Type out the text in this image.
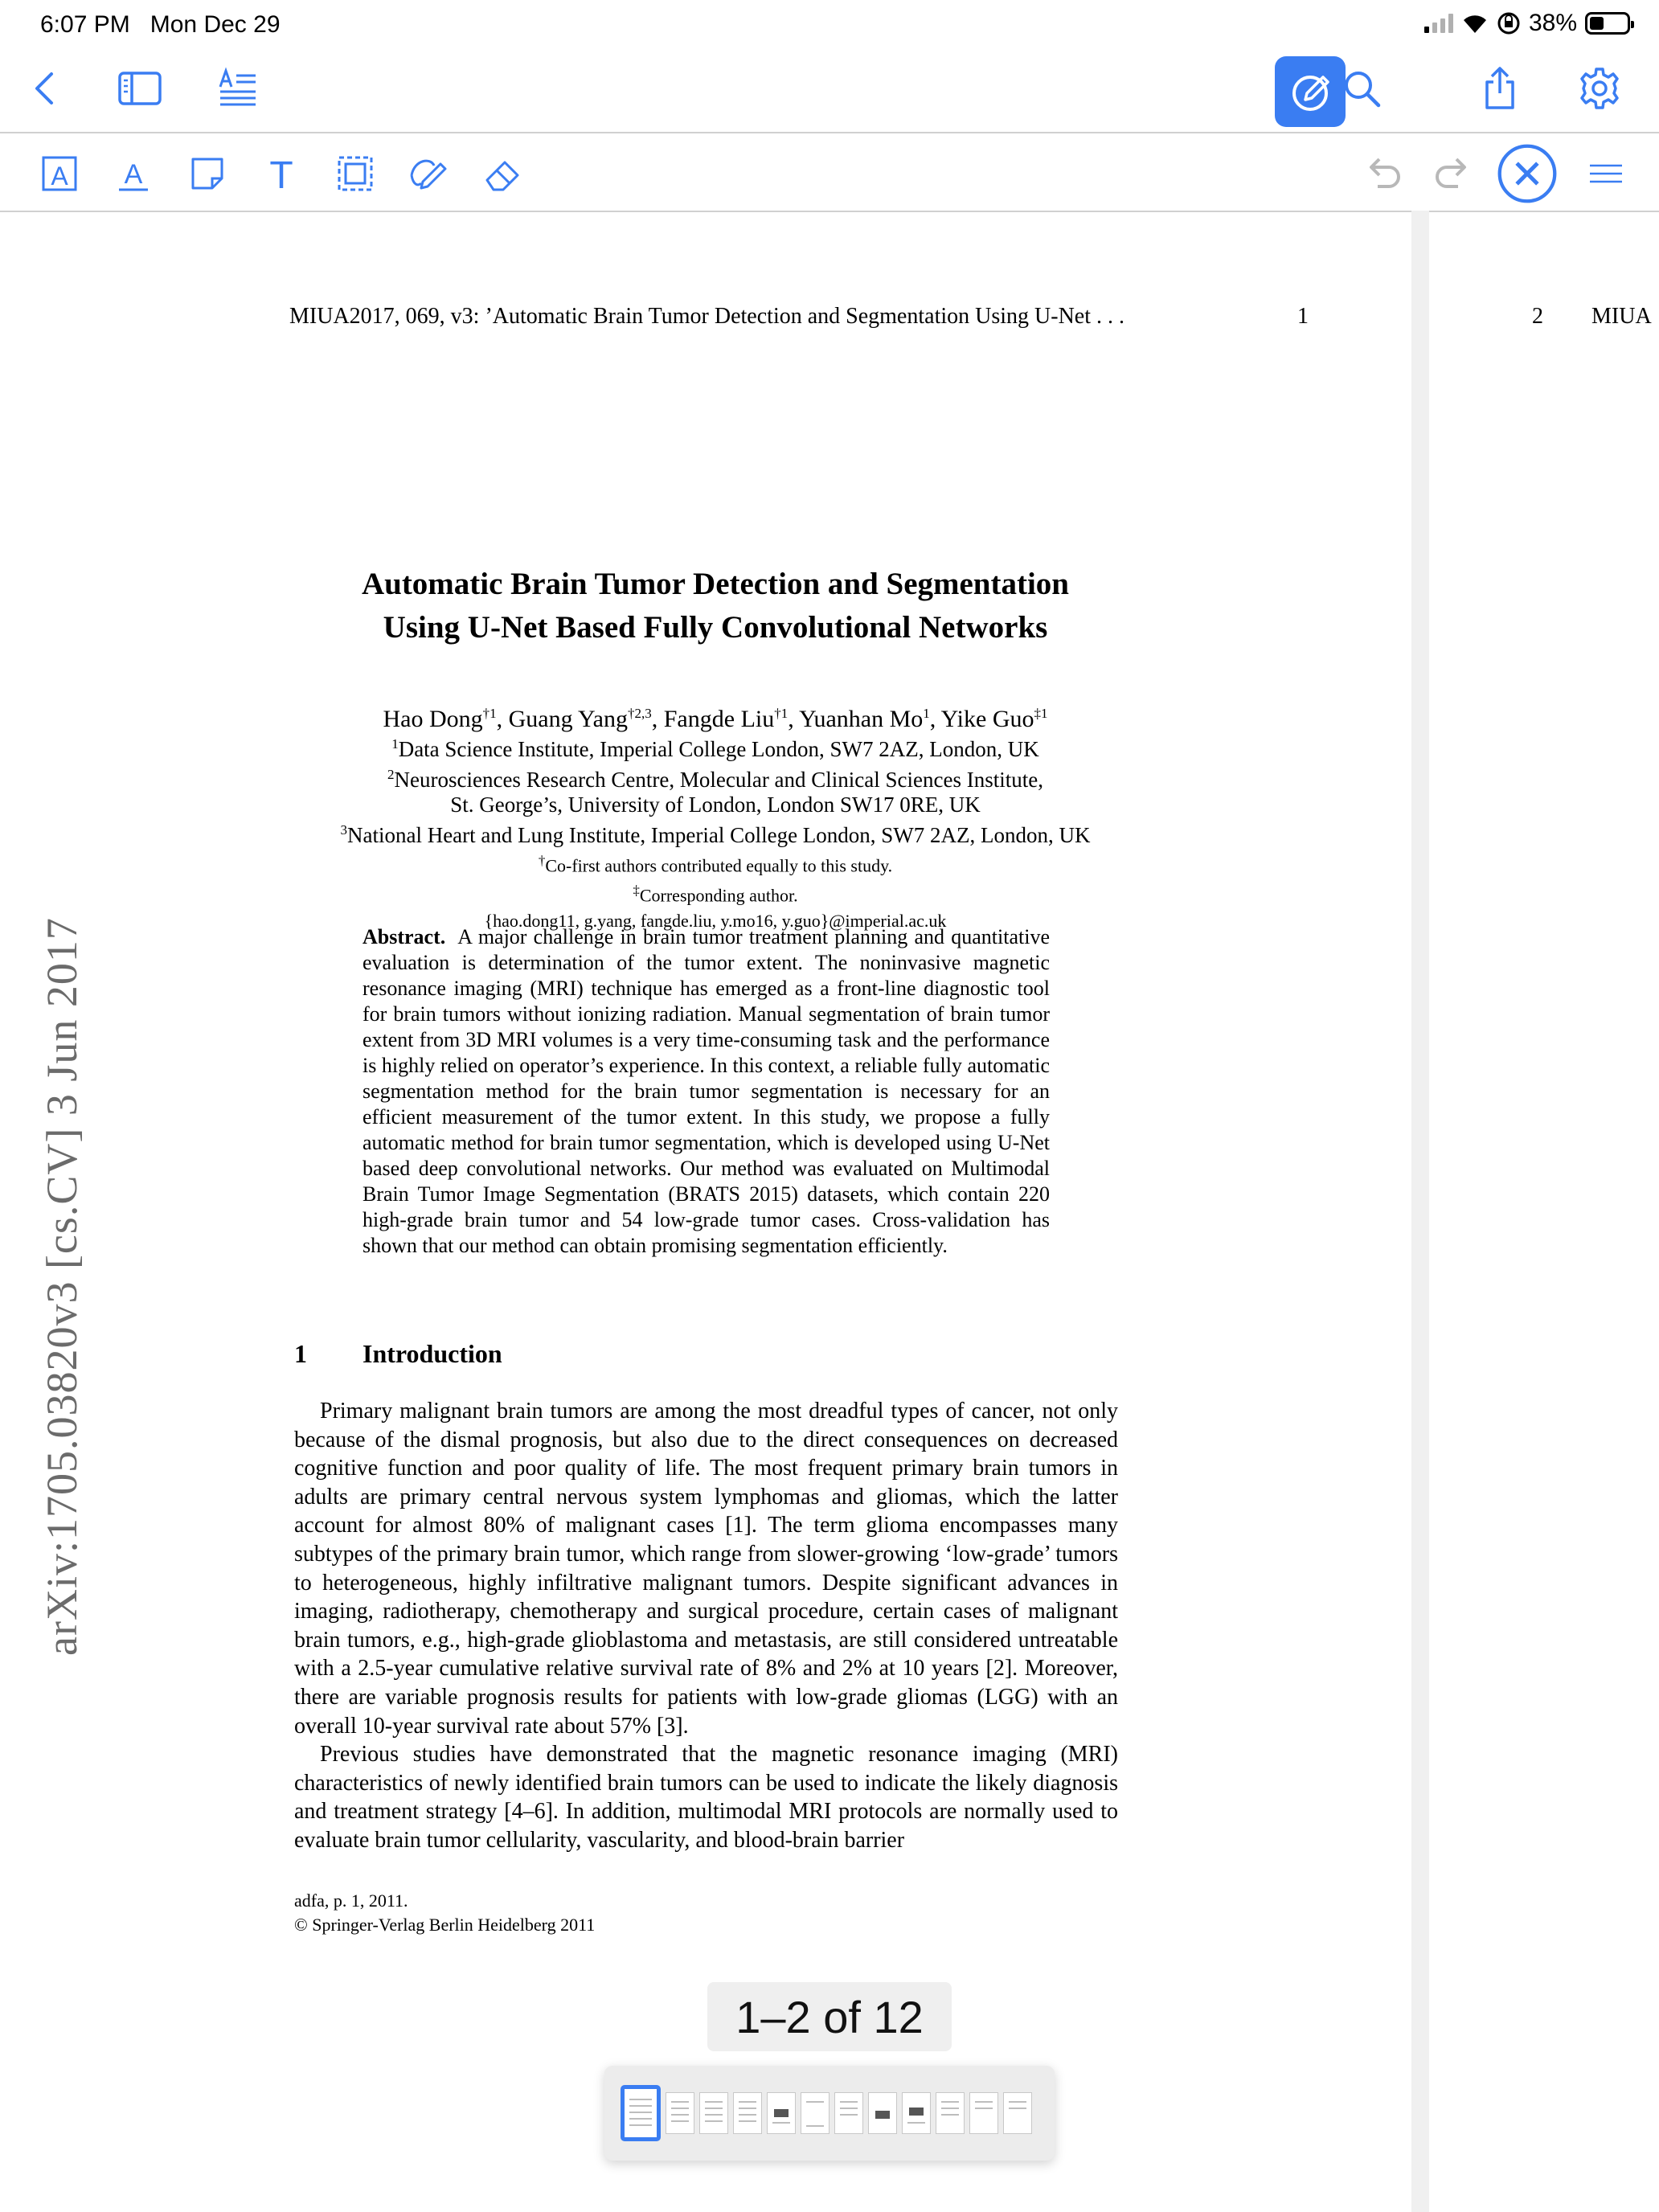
6:07 PM Mon Dec 29	38%
A A	T
MIUA2017, 069, v3: ’Automatic Brain Tumor Detection and Segmentation Using U-Net . . .	1	2 MIUA
Automatic Brain Tumor Detection and Segmentation
Using U-Net Based Fully Convolutional Networks
Hao Dong$^{\dagger 1}$, Guang Yang$^{\dagger 2,3}$, Fangde Liu$^{\dagger 1}$, Yuanhan Mo$^1$, Yike Guo$^{\ddagger 1}$
$^1$Data Science Institute, Imperial College London, SW7 2AZ, London, UK
$^2$Neurosciences Research Centre, Molecular and Clinical Sciences Institute,
St. George’s, University of London, London SW17 0RE, UK
$^3$National Heart and Lung Institute, Imperial College London, SW7 2AZ, London, UK
†Co-first authors contributed equally to this study.
‡Corresponding author.
{hao.dong11, g.yang, fangde.liu, y.mo16, y.guo}@imperial.ac.uk
Abstract. A major challenge in brain tumor treatment planning and quantitative evaluation is determination of the tumor extent. The noninvasive magnetic resonance imaging (MRI) technique has emerged as a front-line diagnostic tool for brain tumors without ionizing radiation. Manual segmentation of brain tumor extent from 3D MRI volumes is a very time-consuming task and the performance is highly relied on operator’s experience. In this context, a reliable fully automatic segmentation method for the brain tumor segmentation is necessary for an efficient measurement of the tumor extent. In this study, we propose a fully automatic method for brain tumor segmentation, which is developed using U-Net based deep convolutional networks. Our method was evaluated on Multimodal Brain Tumor Image Segmentation (BRATS 2015) datasets, which contain 220 high-grade brain tumor and 54 low-grade tumor cases. Cross-validation has shown that our method can obtain promising segmentation efficiently.
1 Introduction

Primary malignant brain tumors are among the most dreadful types of cancer, not only because of the dismal prognosis, but also due to the direct consequences on decreased cognitive function and poor quality of life. The most frequent primary brain tumors in adults are primary central nervous system lymphomas and gliomas, which the latter account for almost 80% of malignant cases [1]. The term glioma encompasses many subtypes of the primary brain tumor, which range from slower-growing ‘low-grade’ tumors to heterogeneous, highly infiltrative malignant tumors. Despite significant advances in imaging, radiotherapy, chemotherapy and surgical procedure, certain cases of malignant brain tumors, e.g., high-grade glioblastoma and metastasis, are still considered untreatable with a 2.5-year cumulative relative survival rate of 8% and 2% at 10 years [2]. Moreover, there are variable prognosis results for patients with low-grade gliomas (LGG) with an overall 10-year survival rate about 57% [3].

Previous studies have demonstrated that the magnetic resonance imaging (MRI) characteristics of newly identified brain tumors can be used to indicate the likely diagnosis and treatment strategy [4–6]. In addition, multimodal MRI protocols are normally used to evaluate brain tumor cellularity, vascularity, and blood-brain barrier

adfa, p. 1, 2011.
© Springer-Verlag Berlin Heidelberg 2011
arXiv:1705.03820v3 [cs.CV] 3 Jun 2017
1–2 of 12
